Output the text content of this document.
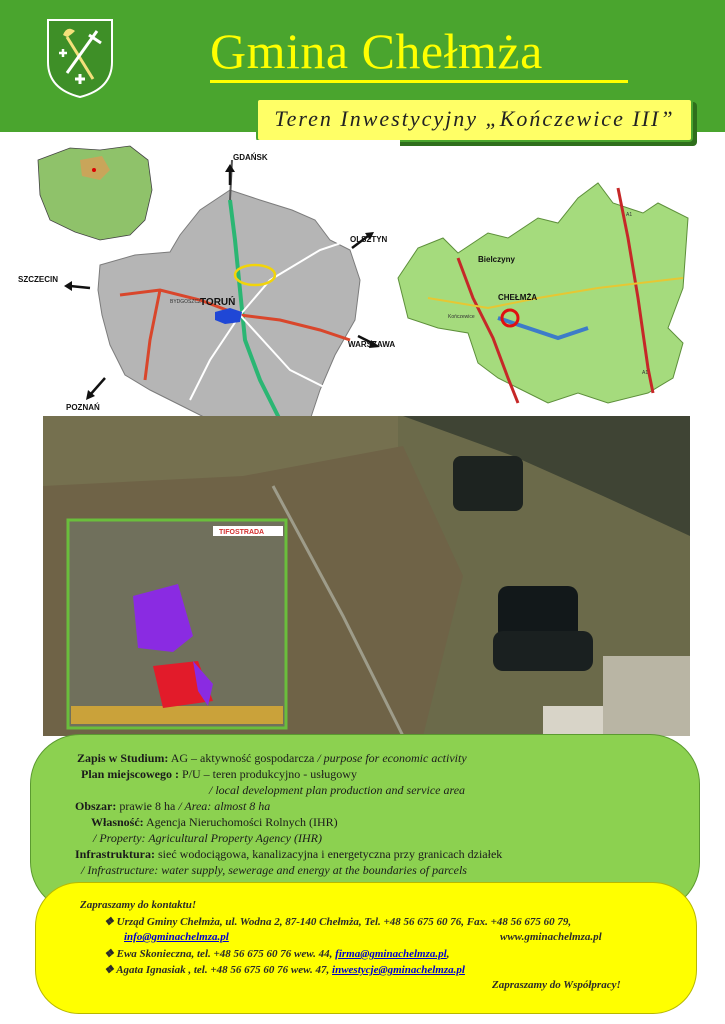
Gmina Chełmża
Teren Inwestycyjny „Kończewice III”
GDAŃSK
OLSZTYN
SZCZECIN
WARSZAWA
POZNAŃ
TORUŃ
BYDGOSZCZ
Bielczyny
CHEŁMŻA
Kończewice
A1
A1
TIFOSTRADA
Zapis w Studium: AG – aktywność gospodarcza / purpose for economic activity
Plan miejscowego : P/U – teren produkcyjno - usługowy
/ local development plan production and service area
Obszar: prawie 8 ha / Area: almost 8 ha
Własność: Agencja Nieruchomości Rolnych (IHR)
/ Property: Agricultural Property Agency (IHR)
Infrastruktura: sieć wodociągowa, kanalizacyjna i energetyczna przy granicach działek
/ Infrastructure: water supply, sewerage and energy at the boundaries of parcels
Zapraszamy do kontaktu!
❖ Urząd Gminy Chełmża, ul. Wodna 2, 87-140 Chełmża, Tel. +48 56 675 60 76, Fax. +48 56 675 60 79,
info@gminachelmza.pl	www.gminachelmza.pl
❖ Ewa Skonieczna, tel. +48 56 675 60 76 wew. 44, firma@gminachelmza.pl,
❖ Agata Ignasiak , tel. +48 56 675 60 76 wew. 47, inwestycje@gminachelmza.pl
Zapraszamy do Współpracy!
